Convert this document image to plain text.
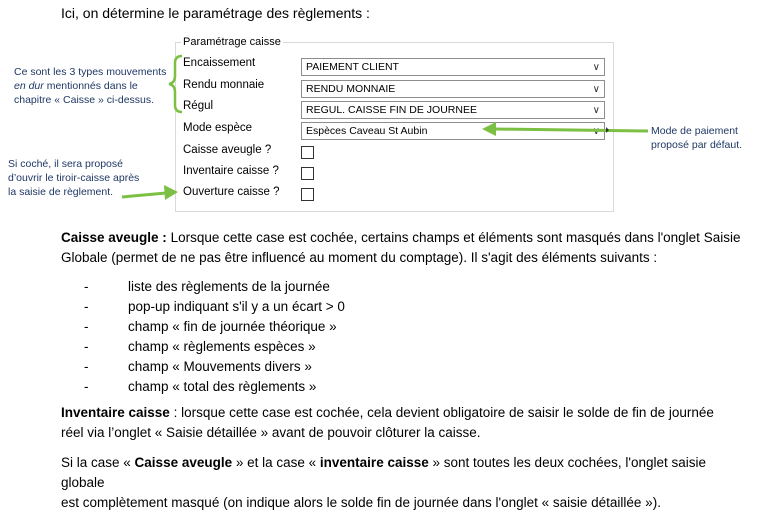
Ici, on détermine le paramétrage des règlements :
Paramétrage caisse
Encaissement	PAIEMENT CLIENT	∨
Rendu monnaie	RENDU MONNAIE	∨
Régul	REGUL. CAISSE FIN DE JOURNEE	∨
Mode espèce	Espèces Caveau St Aubin
Caisse aveugle ?
Inventaire caisse ?
Ouverture caisse ?
Ce sont les 3 types mouvements
en dur mentionnés dans le
chapitre « Caisse » ci-dessus.
Si coché, il sera proposé
d’ouvrir le tiroir-caisse après
la saisie de règlement.
Mode de paiement
proposé par défaut.
Caisse aveugle : Lorsque cette case est cochée, certains champs et éléments sont masqués dans l'onglet Saisie
Globale (permet de ne pas être influencé au moment du comptage). Il s'agit des éléments suivants :
-	liste des règlements de la journée
-	pop-up indiquant s'il y a un écart > 0
-	champ « fin de journée théorique »
-	champ « règlements espèces »
-	champ « Mouvements divers »
-	champ « total des règlements »
Inventaire caisse : lorsque cette case est cochée, cela devient obligatoire de saisir le solde de fin de journée
réel via l’onglet « Saisie détaillée » avant de pouvoir clôturer la caisse.
Si la case « Caisse aveugle » et la case « inventaire caisse » sont toutes les deux cochées, l'onglet saisie globale
est complètement masqué (on indique alors le solde fin de journée dans l'onglet « saisie détaillée »).
